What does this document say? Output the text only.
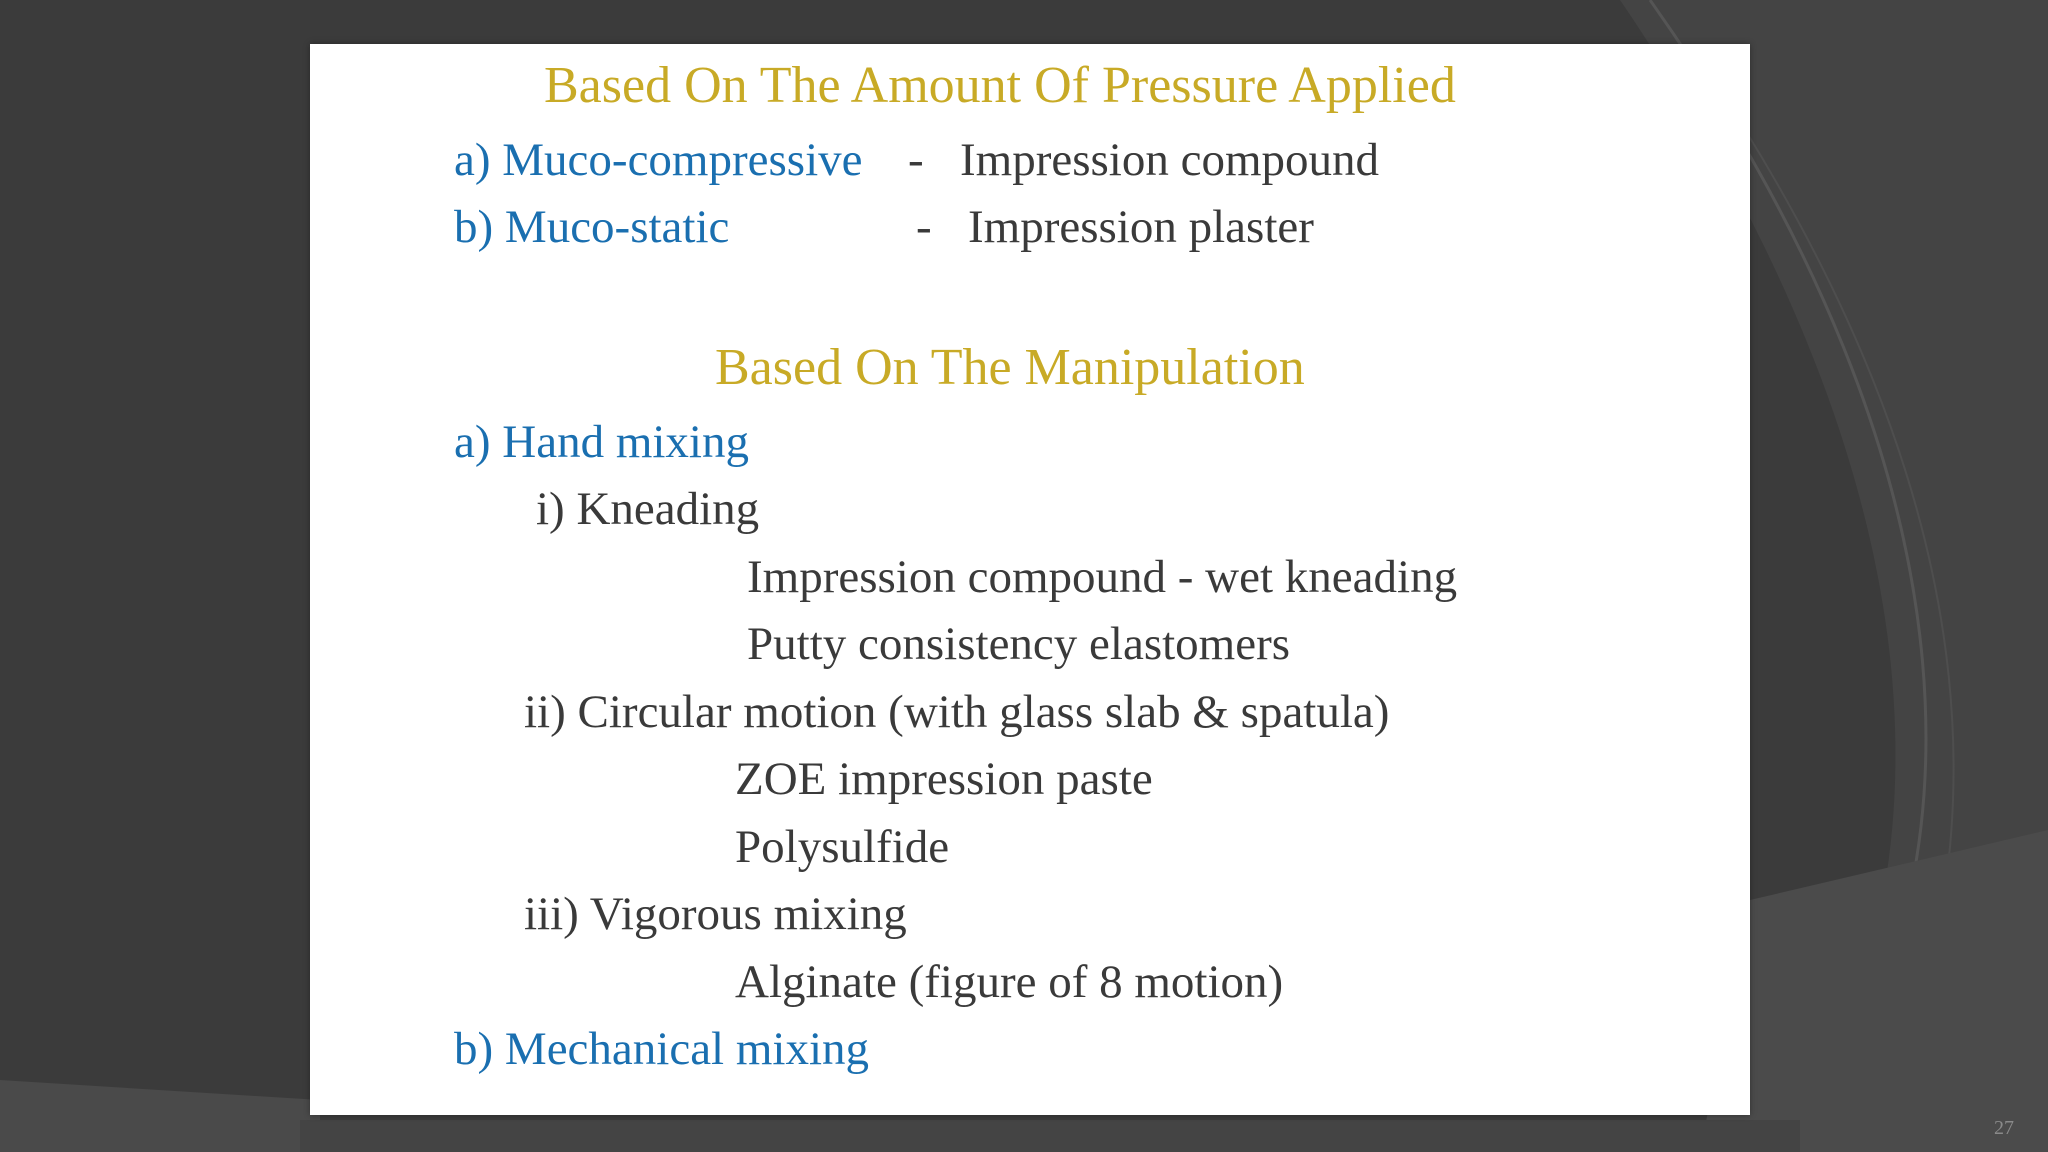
Based On The Amount Of Pressure Applied
a) Muco-compressive - Impression compound
b) Muco-static	- Impression plaster
Based On The Manipulation
a) Hand mixing
i) Kneading
Impression compound - wet kneading
Putty consistency elastomers
ii) Circular motion (with glass slab & spatula)
ZOE impression paste
Polysulfide
iii) Vigorous mixing
Alginate (figure of 8 motion)
b) Mechanical mixing
27
